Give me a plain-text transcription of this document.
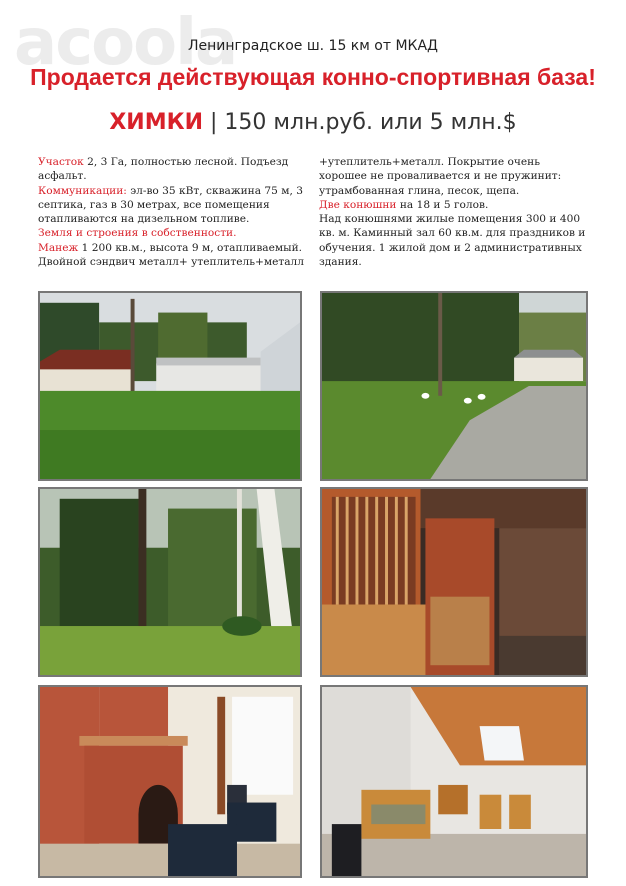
acoola
Ленинградское ш. 15 км от МКАД
Продается действующая конно-спортивная база!
ХИМКИ | 150 млн.руб. или 5 млн.$
Участок 2, 3 Га, полностью лесной. Подъезд асфальт.
Коммуникации: эл-во 35 кВт, скважина 75 м, 3 септика, газ в 30 метрах, все помещения отапливаются на дизельном топливе.
Земля и строения в собственности.
Манеж 1 200 кв.м., высота 9 м, отапливаемый. Двойной сэндвич металл+ утеплитель+металл
+утеплитель+металл. Покрытие очень хорошее не проваливается и не пружинит: утрамбованная глина, песок, щепа.
Две конюшни на 18 и 5 голов.
Над конюшнями жилые помещения 300 и 400 кв. м. Каминный зал 60 кв.м. для праздников и обучения. 1 жилой дом и 2 административных здания.
